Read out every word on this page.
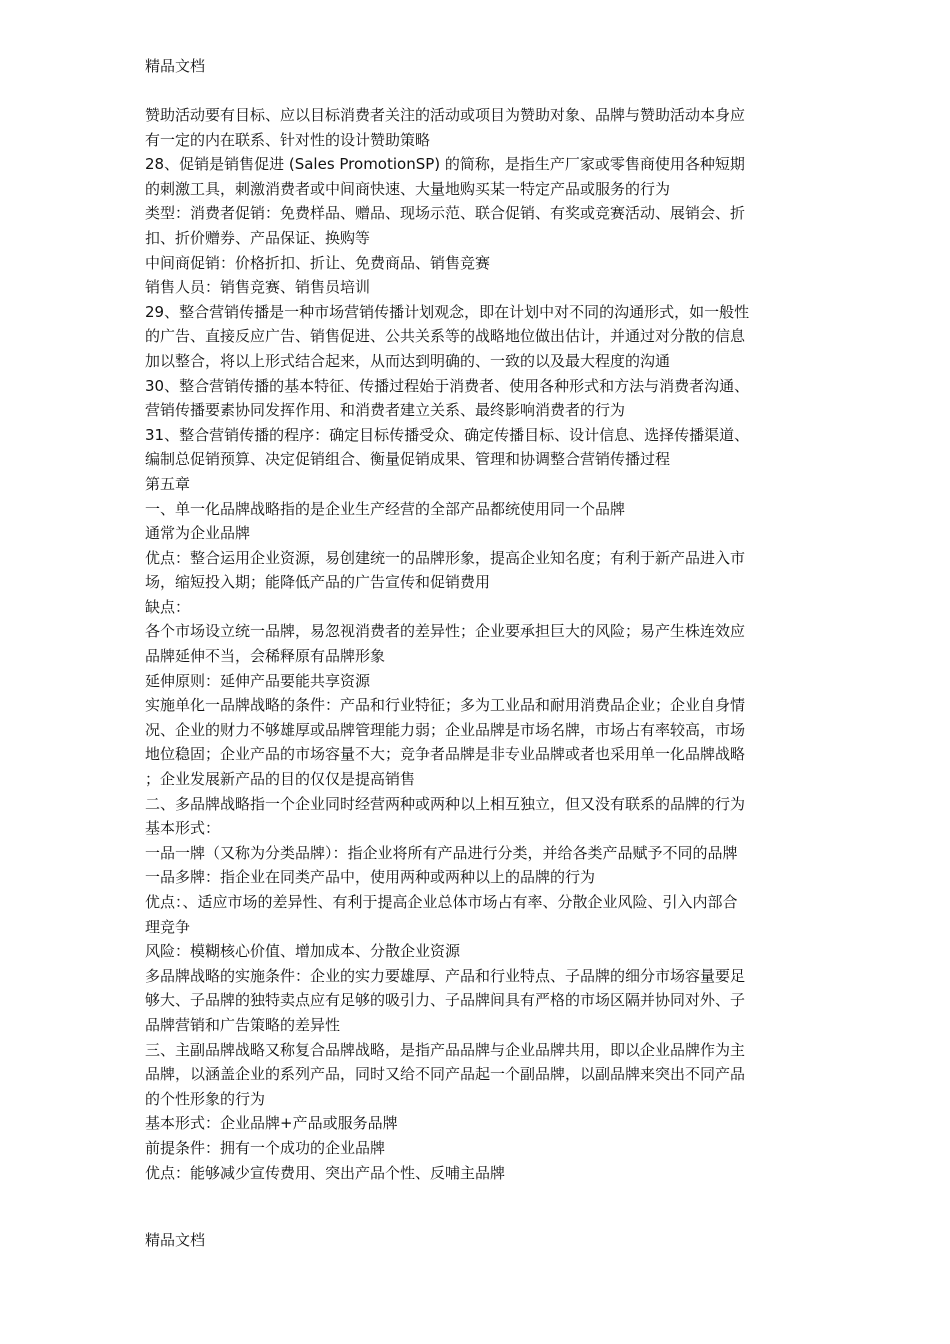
精品文档
赞助活动要有目标、应以目标消费者关注的活动或项目为赞助对象、品牌与赞助活动本身应
有一定的内在联系、针对性的设计赞助策略
28、促销是销售促进 (Sales PromotionSP) 的简称，是指生产厂家或零售商使用各种短期
的刺激工具，刺激消费者或中间商快速、大量地购买某一特定产品或服务的行为
类型：消费者促销：免费样品、赠品、现场示范、联合促销、有奖或竞赛活动、展销会、折
扣、折价赠券、产品保证、换购等
中间商促销：价格折扣、折让、免费商品、销售竞赛
销售人员：销售竞赛、销售员培训
29、整合营销传播是一种市场营销传播计划观念，即在计划中对不同的沟通形式，如一般性
的广告、直接反应广告、销售促进、公共关系等的战略地位做出估计，并通过对分散的信息
加以整合，将以上形式结合起来，从而达到明确的、一致的以及最大程度的沟通
30、整合营销传播的基本特征、传播过程始于消费者、使用各种形式和方法与消费者沟通、
营销传播要素协同发挥作用、和消费者建立关系、最终影响消费者的行为
31、整合营销传播的程序：确定目标传播受众、确定传播目标、设计信息、选择传播渠道、
编制总促销预算、决定促销组合、衡量促销成果、管理和协调整合营销传播过程
第五章
一、单一化品牌战略指的是企业生产经营的全部产品都统使用同一个品牌
通常为企业品牌
优点：整合运用企业资源，易创建统一的品牌形象，提高企业知名度；有利于新产品进入市
场，缩短投入期；能降低产品的广告宣传和促销费用
缺点：
各个市场设立统一品牌，易忽视消费者的差异性；企业要承担巨大的风险；易产生株连效应
品牌延伸不当，会稀释原有品牌形象
延伸原则：延伸产品要能共享资源
实施单化一品牌战略的条件：产品和行业特征；多为工业品和耐用消费品企业；企业自身情
况、企业的财力不够雄厚或品牌管理能力弱；企业品牌是市场名牌，市场占有率较高，市场
地位稳固；企业产品的市场容量不大；竞争者品牌是非专业品牌或者也采用单一化品牌战略
；企业发展新产品的目的仅仅是提高销售
二、多品牌战略指一个企业同时经营两种或两种以上相互独立，但又没有联系的品牌的行为
基本形式：
一品一牌（又称为分类品牌）：指企业将所有产品进行分类，并给各类产品赋予不同的品牌
一品多牌：指企业在同类产品中，使用两种或两种以上的品牌的行为
优点：、适应市场的差异性、有利于提高企业总体市场占有率、分散企业风险、引入内部合
理竞争
风险：模糊核心价值、增加成本、分散企业资源
多品牌战略的实施条件：企业的实力要雄厚、产品和行业特点、子品牌的细分市场容量要足
够大、子品牌的独特卖点应有足够的吸引力、子品牌间具有严格的市场区隔并协同对外、子
品牌营销和广告策略的差异性
三、主副品牌战略又称复合品牌战略，是指产品品牌与企业品牌共用，即以企业品牌作为主
品牌，以涵盖企业的系列产品，同时又给不同产品起一个副品牌，以副品牌来突出不同产品
的个性形象的行为
基本形式：企业品牌+产品或服务品牌
前提条件：拥有一个成功的企业品牌
优点：能够减少宣传费用、突出产品个性、反哺主品牌
精品文档
